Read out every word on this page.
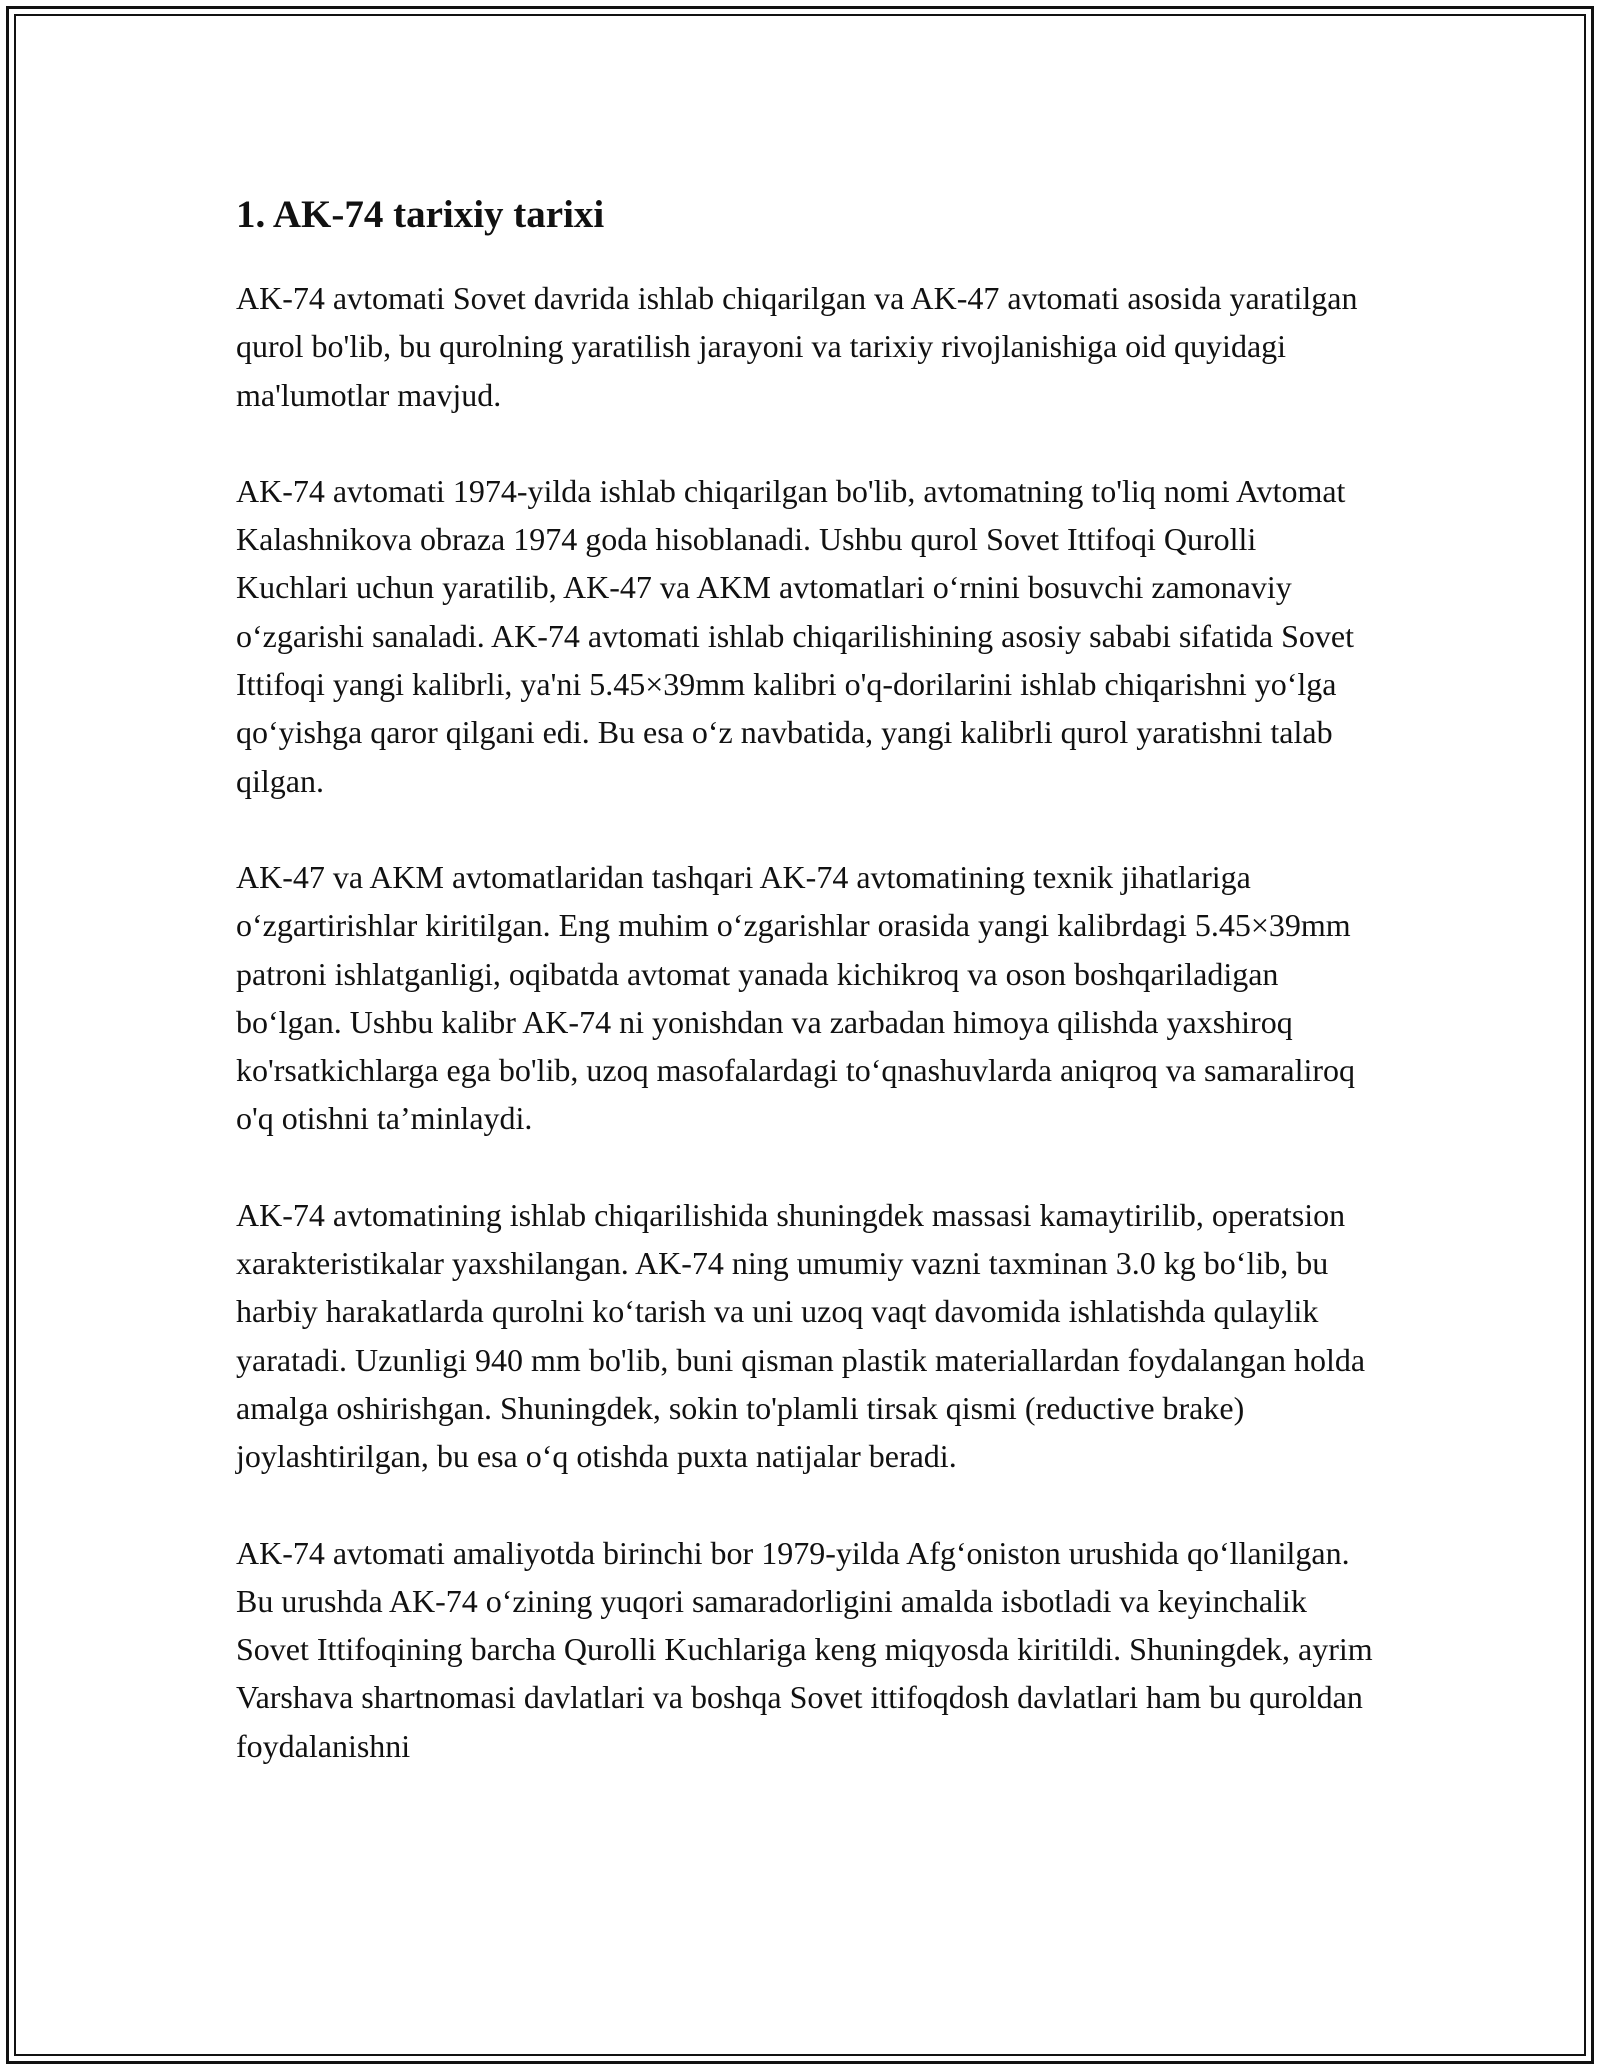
1. AK-74 tarixiy tarixi

AK-74 avtomati Sovet davrida ishlab chiqarilgan va AK-47 avtomati asosida yaratilgan qurol bo'lib, bu qurolning yaratilish jarayoni va tarixiy rivojlanishiga oid quyidagi ma'lumotlar mavjud.

AK-74 avtomati 1974-yilda ishlab chiqarilgan bo'lib, avtomatning to'liq nomi Avtomat Kalashnikova obraza 1974 goda hisoblanadi. Ushbu qurol Sovet Ittifoqi Qurolli Kuchlari uchun yaratilib, AK-47 va AKM avtomatlari o‘rnini bosuvchi zamonaviy o‘zgarishi sanaladi. AK-74 avtomati ishlab chiqarilishining asosiy sababi sifatida Sovet Ittifoqi yangi kalibrli, ya'ni 5.45×39mm kalibri o'q-dorilarini ishlab chiqarishni yo‘lga qo‘yishga qaror qilgani edi. Bu esa o‘z navbatida, yangi kalibrli qurol yaratishni talab qilgan.

AK-47 va AKM avtomatlaridan tashqari AK-74 avtomatining texnik jihatlariga o‘zgartirishlar kiritilgan. Eng muhim o‘zgarishlar orasida yangi kalibrdagi 5.45×39mm patroni ishlatganligi, oqibatda avtomat yanada kichikroq va oson boshqariladigan bo‘lgan. Ushbu kalibr AK-74 ni yonishdan va zarbadan himoya qilishda yaxshiroq ko'rsatkichlarga ega bo'lib, uzoq masofalardagi to‘qnashuvlarda aniqroq va samaraliroq o'q otishni ta’minlaydi.

AK-74 avtomatining ishlab chiqarilishida shuningdek massasi kamaytirilib, operatsion xarakteristikalar yaxshilangan. AK-74 ning umumiy vazni taxminan 3.0 kg bo‘lib, bu harbiy harakatlarda qurolni ko‘tarish va uni uzoq vaqt davomida ishlatishda qulaylik yaratadi. Uzunligi 940 mm bo'lib, buni qisman plastik materiallardan foydalangan holda amalga oshirishgan. Shuningdek, sokin to'plamli tirsak qismi (reductive brake) joylashtirilgan, bu esa o‘q otishda puxta natijalar beradi.

AK-74 avtomati amaliyotda birinchi bor 1979-yilda Afg‘oniston urushida qo‘llanilgan. Bu urushda AK-74 o‘zining yuqori samaradorligini amalda isbotladi va keyinchalik Sovet Ittifoqining barcha Qurolli Kuchlariga keng miqyosda kiritildi. Shuningdek, ayrim Varshava shartnomasi davlatlari va boshqa Sovet ittifoqdosh davlatlari ham bu quroldan foydalanishni
